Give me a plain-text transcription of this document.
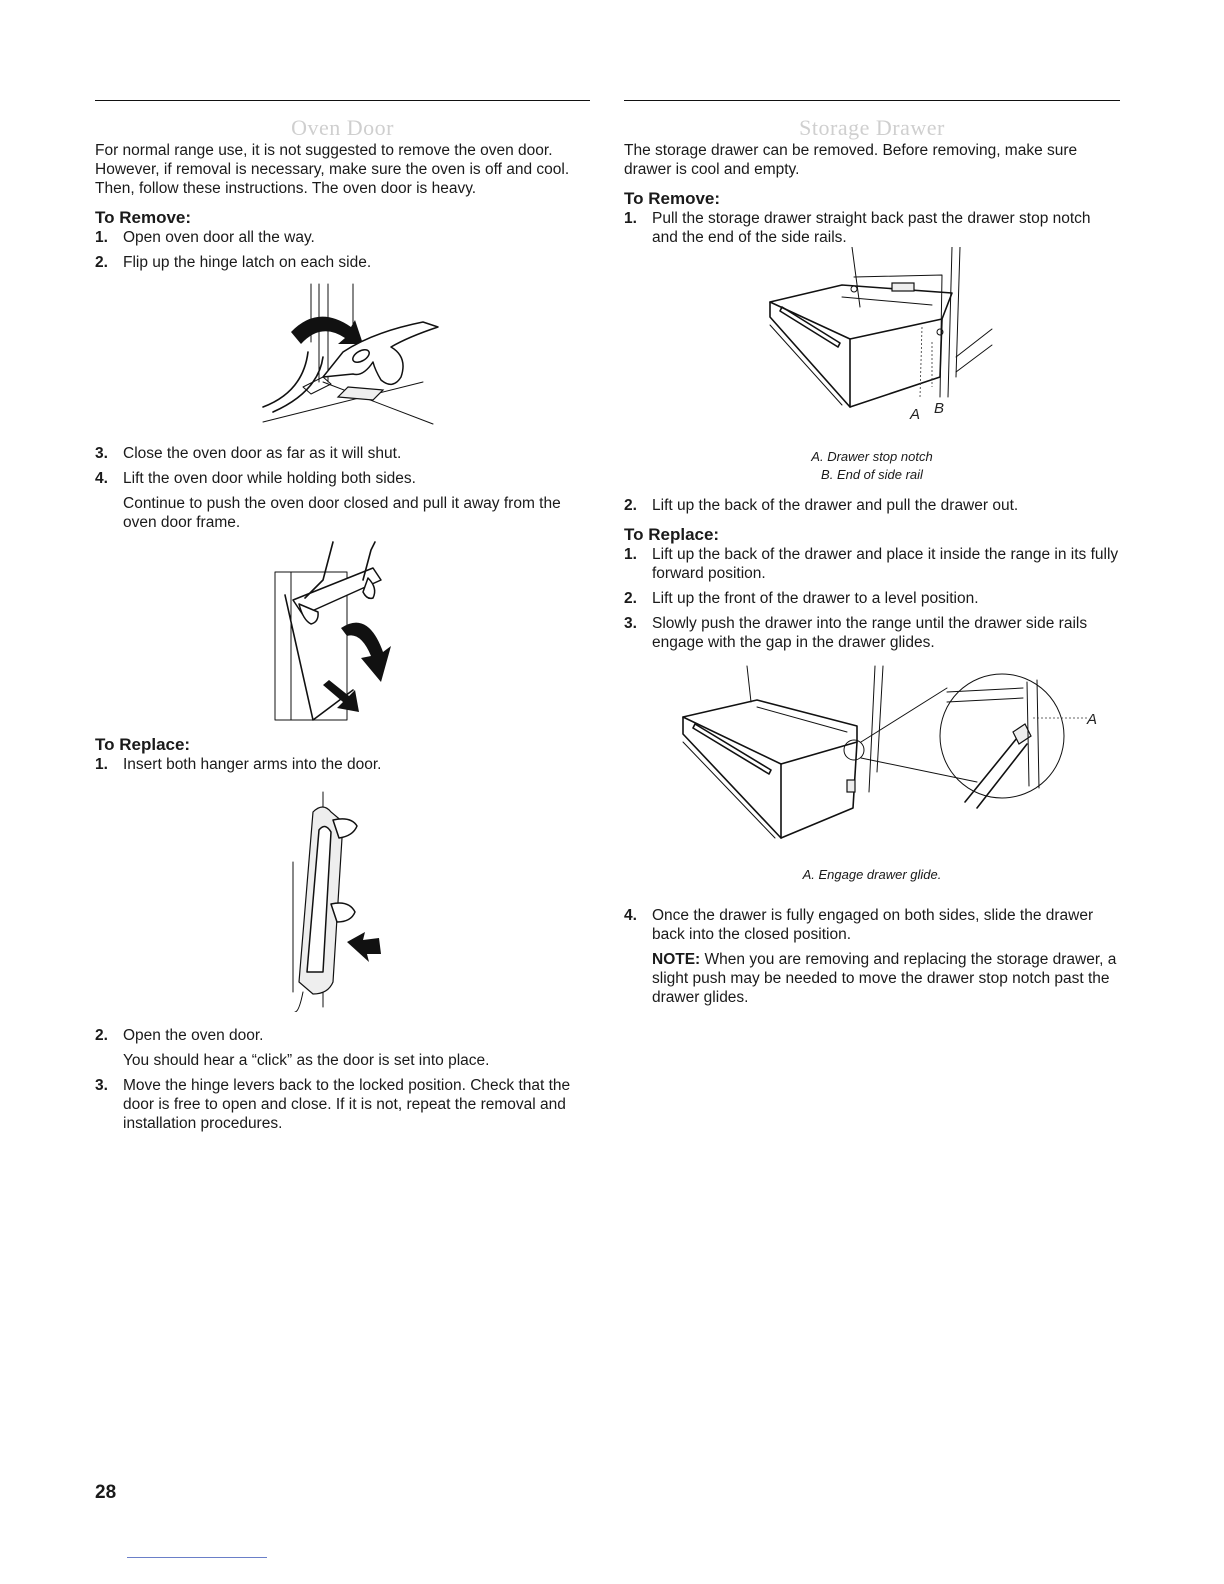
Oven Door

For normal range use, it is not suggested to remove the oven door. However, if removal is necessary, make sure the oven is off and cool. Then, follow these instructions. The oven door is heavy.

To Remove:
1. Open oven door all the way.
2. Flip up the hinge latch on each side.
3. Close the oven door as far as it will shut.
4. Lift the oven door while holding both sides.

Continue to push the oven door closed and pull it away from the oven door frame.

To Replace:
1. Insert both hanger arms into the door.
2. Open the oven door.

You should hear a “click” as the door is set into place.

3. Move the hinge levers back to the locked position. Check that the door is free to open and close. If it is not, repeat the removal and installation procedures.
Storage Drawer

The storage drawer can be removed. Before removing, make sure drawer is cool and empty.

To Remove:
1. Pull the storage drawer straight back past the drawer stop notch and the end of the side rails.
A B
A. Drawer stop notch
B. End of side rail
2. Lift up the back of the drawer and pull the drawer out.
To Replace:
1. Lift up the back of the drawer and place it inside the range in its fully forward position.
2. Lift up the front of the drawer to a level position.
3. Slowly push the drawer into the range until the drawer side rails engage with the gap in the drawer glides.
A
A. Engage drawer glide.
4. Once the drawer is fully engaged on both sides, slide the drawer back into the closed position.

NOTE: When you are removing and replacing the storage drawer, a slight push may be needed to move the drawer stop notch past the drawer glides.

28
